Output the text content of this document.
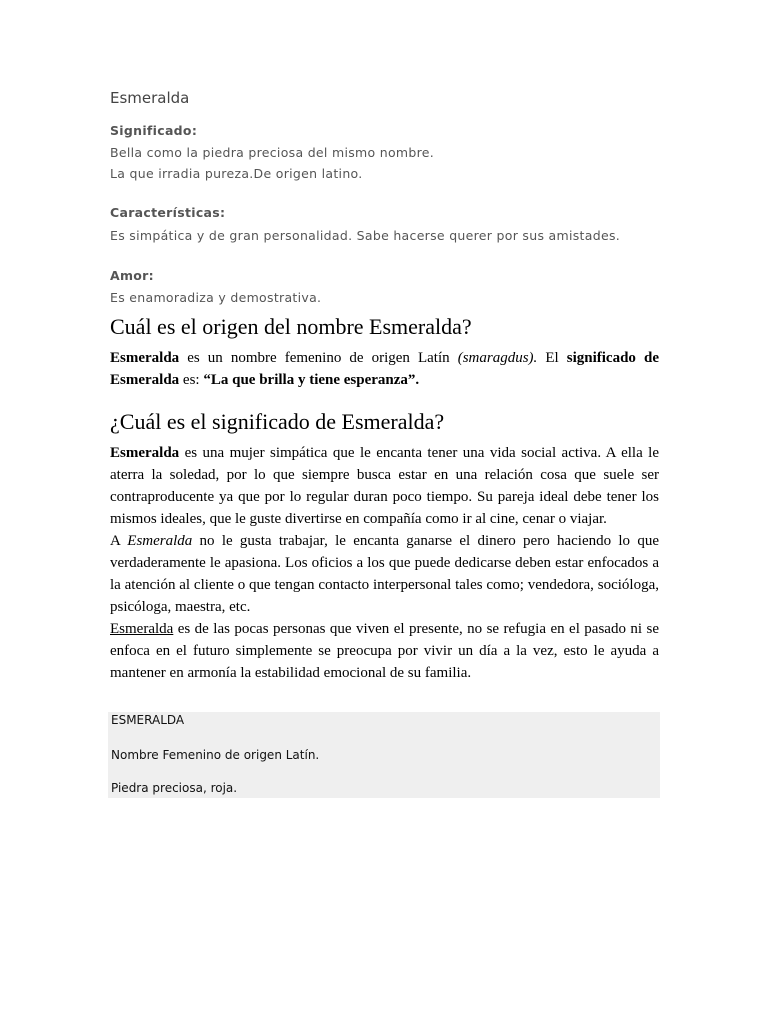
Esmeralda
Significado:
Bella como la piedra preciosa del mismo nombre.
La que irradia pureza.De origen latino.
Características:
Es simpática y de gran personalidad. Sabe hacerse querer por sus amistades.
Amor:
Es enamoradiza y demostrativa.
Cuál es el origen del nombre Esmeralda?

Esmeralda es un nombre femenino de origen Latín (smaragdus). El significado de Esmeralda es: “La que brilla y tiene esperanza”.

¿Cuál es el significado de Esmeralda?

Esmeralda es una mujer simpática que le encanta tener una vida social activa. A ella le aterra la soledad, por lo que siempre busca estar en una relación cosa que suele ser contraproducente ya que por lo regular duran poco tiempo. Su pareja ideal debe tener los mismos ideales, que le guste divertirse en compañía como ir al cine, cenar o viajar.

A Esmeralda no le gusta trabajar, le encanta ganarse el dinero pero haciendo lo que verdaderamente le apasiona. Los oficios a los que puede dedicarse deben estar enfocados a la atención al cliente o que tengan contacto interpersonal tales como; vendedora, socióloga, psicóloga, maestra, etc.

Esmeralda es de las pocas personas que viven el presente, no se refugia en el pasado ni se enfoca en el futuro simplemente se preocupa por vivir un día a la vez, esto le ayuda a mantener en armonía la estabilidad emocional de su familia.

ESMERALDA
Nombre Femenino de origen Latín.
Piedra preciosa, roja.
